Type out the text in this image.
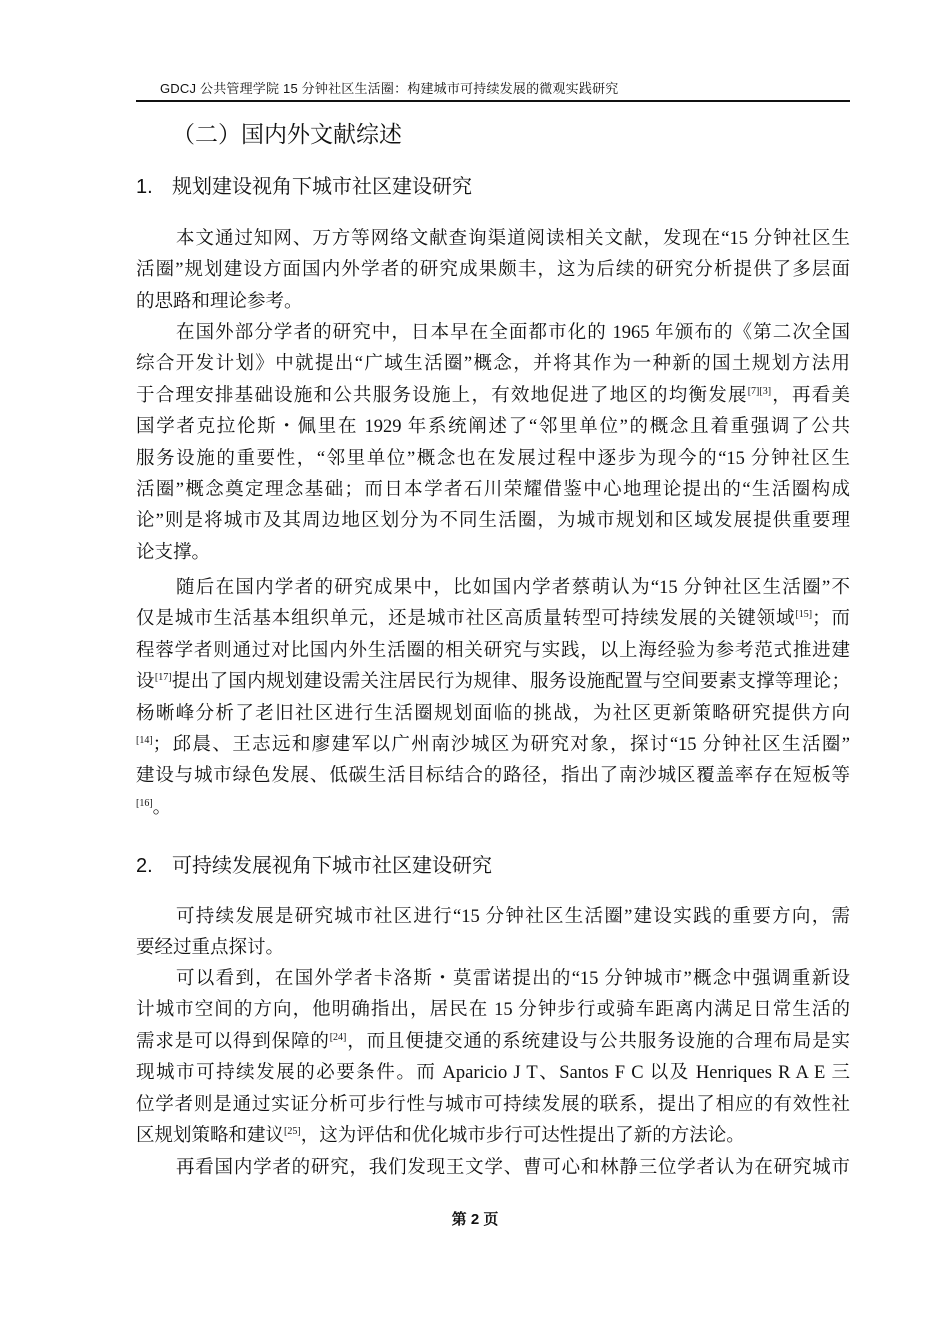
GDCJ 公共管理学院 15 分钟社区生活圈：构建城市可持续发展的微观实践研究
（二）国内外文献综述
1. 规划建设视角下城市社区建设研究
2. 可持续发展视角下城市社区建设研究
本文通过知网、万方等网络文献查询渠道阅读相关文献，发现在“15 分钟社区生
活圈”规划建设方面国内外学者的研究成果颇丰，这为后续的研究分析提供了多层面
的思路和理论参考。
在国外部分学者的研究中，日本早在全面都市化的 1965 年颁布的《第二次全国
综合开发计划》中就提出“广域生活圈”概念，并将其作为一种新的国土规划方法用
于合理安排基础设施和公共服务设施上，有效地促进了地区的均衡发展[7][3]，再看美
国学者克拉伦斯・佩里在 1929 年系统阐述了“邻里单位”的概念且着重强调了公共
服务设施的重要性，“邻里单位”概念也在发展过程中逐步为现今的“15 分钟社区生
活圈”概念奠定理念基础；而日本学者石川荣耀借鉴中心地理论提出的“生活圈构成
论”则是将城市及其周边地区划分为不同生活圈，为城市规划和区域发展提供重要理
论支撑。
随后在国内学者的研究成果中，比如国内学者蔡萌认为“15 分钟社区生活圈”不
仅是城市生活基本组织单元，还是城市社区高质量转型可持续发展的关键领域[15]；而
程蓉学者则通过对比国内外生活圈的相关研究与实践，以上海经验为参考范式推进建
设[17]提出了国内规划建设需关注居民行为规律、服务设施配置与空间要素支撑等理论；
杨晰峰分析了老旧社区进行生活圈规划面临的挑战，为社区更新策略研究提供方向
[14]；邱晨、王志远和廖建军以广州南沙城区为研究对象，探讨“15 分钟社区生活圈”
建设与城市绿色发展、低碳生活目标结合的路径，指出了南沙城区覆盖率存在短板等
[16]。
可持续发展是研究城市社区进行“15 分钟社区生活圈”建设实践的重要方向，需
要经过重点探讨。
可以看到，在国外学者卡洛斯・莫雷诺提出的“15 分钟城市”概念中强调重新设
计城市空间的方向，他明确指出，居民在 15 分钟步行或骑车距离内满足日常生活的
需求是可以得到保障的[24]，而且便捷交通的系统建设与公共服务设施的合理布局是实
现城市可持续发展的必要条件。而 Aparicio J T、Santos F C 以及 Henriques R A E 三
位学者则是通过实证分析可步行性与城市可持续发展的联系，提出了相应的有效性社
区规划策略和建议[25]，这为评估和优化城市步行可达性提出了新的方法论。
再看国内学者的研究，我们发现王文学、曹可心和林静三位学者认为在研究城市
第 2 页
